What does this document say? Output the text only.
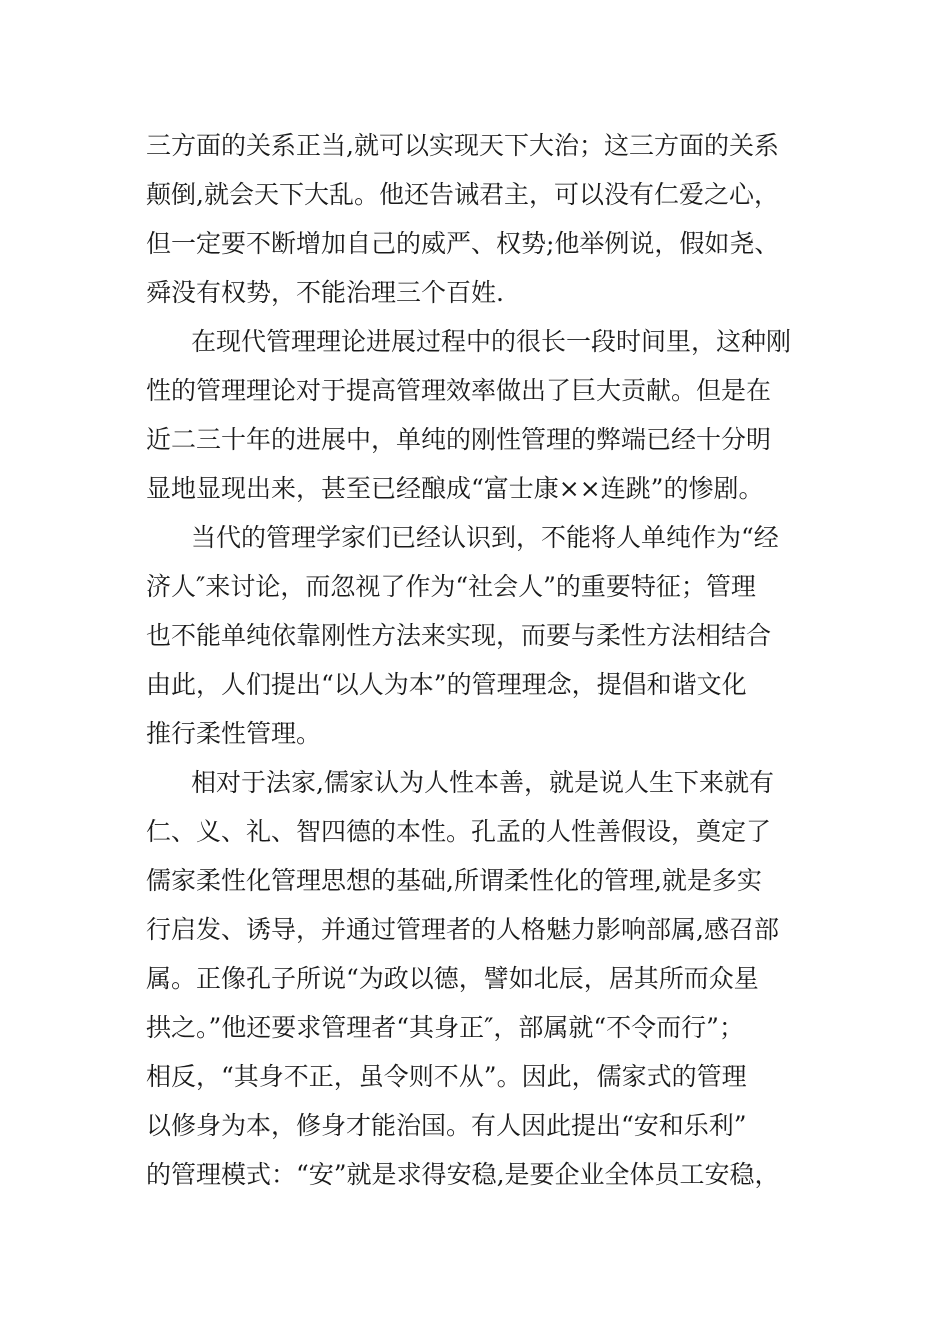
三方面的关系正当,就可以实现天下大治；这三方面的关系
颠倒,就会天下大乱。他还告诫君主，可以没有仁爱之心，
但一定要不断增加自己的威严、权势;他举例说，假如尧、
舜没有权势，不能治理三个百姓.
在现代管理理论进展过程中的很长一段时间里，这种刚
性的管理理论对于提高管理效率做出了巨大贡献。但是在
近二三十年的进展中，单纯的刚性管理的弊端已经十分明
显地显现出来，甚至已经酿成“富士康××连跳”的惨剧。
当代的管理学家们已经认识到，不能将人单纯作为“经
济人″来讨论，而忽视了作为“社会人”的重要特征；管理
也不能单纯依靠刚性方法来实现，而要与柔性方法相结合
由此，人们提出“以人为本”的管理理念，提倡和谐文化
推行柔性管理。
相对于法家,儒家认为人性本善，就是说人生下来就有
仁、义、礼、智四德的本性。孔孟的人性善假设，奠定了
儒家柔性化管理思想的基础,所谓柔性化的管理,就是多实
行启发、诱导，并通过管理者的人格魅力影响部属,感召部
属。正像孔子所说“为政以德，譬如北辰，居其所而众星
拱之。”他还要求管理者“其身正″，部属就“不令而行”；
相反，“其身不正，虽令则不从”。因此，儒家式的管理
以修身为本，修身才能治国。有人因此提出“安和乐利”
的管理模式：“安”就是求得安稳,是要企业全体员工安稳，
